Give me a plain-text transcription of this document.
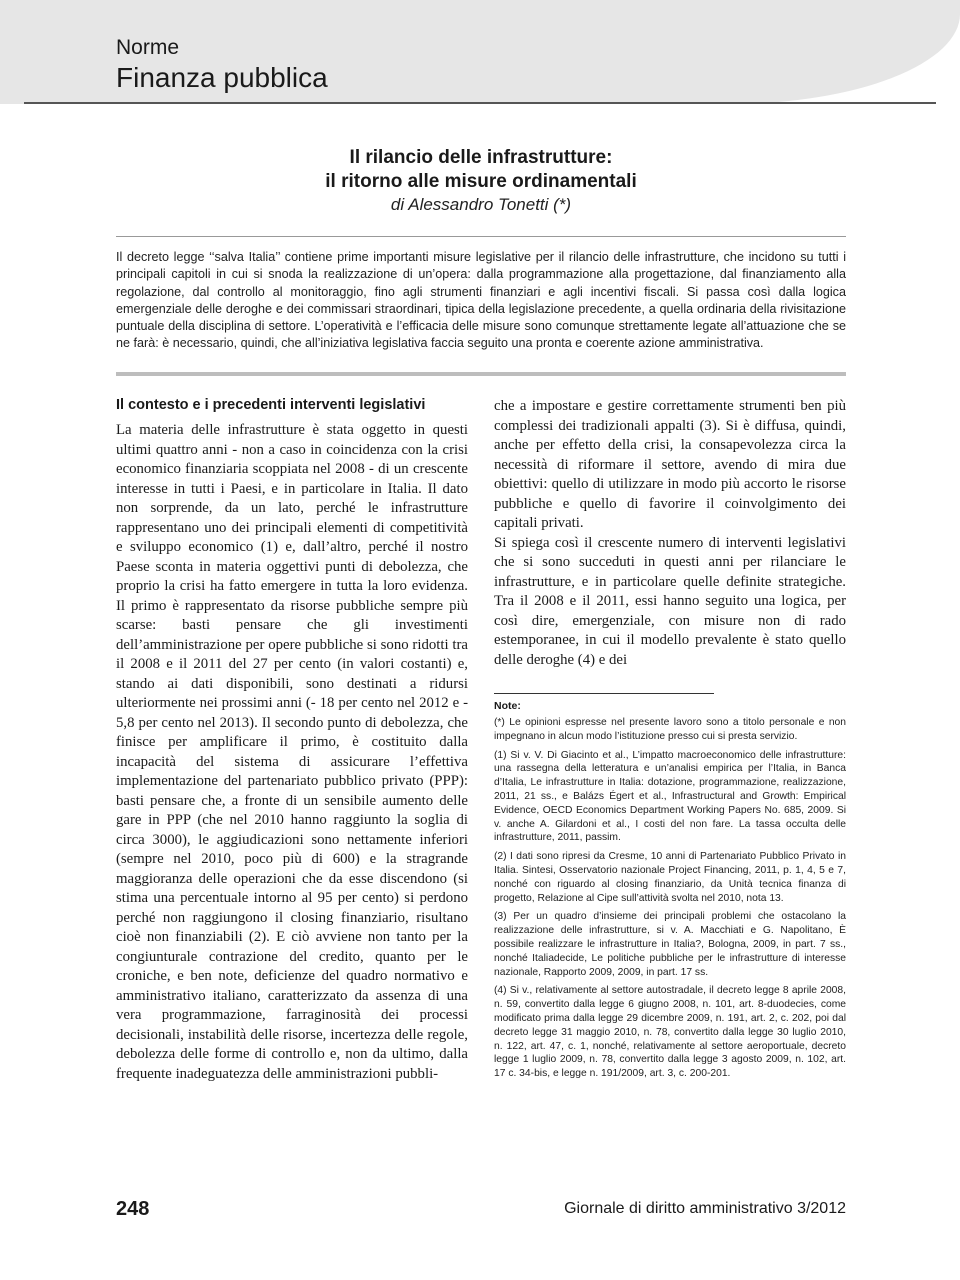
Norme
Finanza pubblica
Il rilancio delle infrastrutture:
il ritorno alle misure ordinamentali
di Alessandro Tonetti (*)

Il decreto legge ‘‘salva Italia’’ contiene prime importanti misure legislative per il rilancio delle infrastrutture, che incidono su tutti i principali capitoli in cui si snoda la realizzazione di un’opera: dalla programmazione alla progettazione, dal finanziamento alla regolazione, dal controllo al monitoraggio, fino agli strumenti finanziari e agli incentivi fiscali. Si passa così dalla logica emergenziale delle deroghe e dei commissari straordinari, tipica della legislazione precedente, a quella ordinaria della rivisitazione puntuale della disciplina di settore. L’operatività e l’efficacia delle misure sono comunque strettamente legate all’attuazione che se ne farà: è necessario, quindi, che all’iniziativa legislativa faccia seguito una pronta e coerente azione amministrativa.

Il contesto e i precedenti interventi legislativi

La materia delle infrastrutture è stata oggetto in questi ultimi quattro anni - non a caso in coincidenza con la crisi economico finanziaria scoppiata nel 2008 - di un crescente interesse in tutti i Paesi, e in particolare in Italia. Il dato non sorprende, da un lato, perché le infrastrutture rappresentano uno dei principali elementi di competitività e sviluppo economico (1) e, dall’altro, perché il nostro Paese sconta in materia oggettivi punti di debolezza, che proprio la crisi ha fatto emergere in tutta la loro evidenza. Il primo è rappresentato da risorse pubbliche sempre più scarse: basti pensare che gli investimenti dell’amministrazione per opere pubbliche si sono ridotti tra il 2008 e il 2011 del 27 per cento (in valori costanti) e, stando ai dati disponibili, sono destinati a ridursi ulteriormente nei prossimi anni (- 18 per cento nel 2012 e - 5,8 per cento nel 2013). Il secondo punto di debolezza, che finisce per amplificare il primo, è costituito dalla incapacità del sistema di assicurare l’effettiva implementazione del partenariato pubblico privato (PPP): basti pensare che, a fronte di un sensibile aumento delle gare in PPP (che nel 2010 hanno raggiunto la soglia di circa 3000), le aggiudicazioni sono nettamente inferiori (sempre nel 2010, poco più di 600) e la stragrande maggioranza delle operazioni che da esse discendono (si stima una percentuale intorno al 95 per cento) si perdono perché non raggiungono il closing finanziario, risultano cioè non finanziabili (2). E ciò avviene non tanto per la congiunturale contrazione del credito, quanto per le croniche, e ben note, deficienze del quadro normativo e amministrativo italiano, caratterizzato da assenza di una vera programmazione, farraginosità dei processi decisionali, instabilità delle risorse, incertezza delle regole, debolezza delle forme di controllo e, non da ultimo, dalla frequente inadeguatezza delle amministrazioni pubbli-

che a impostare e gestire correttamente strumenti ben più complessi dei tradizionali appalti (3). Si è diffusa, quindi, anche per effetto della crisi, la consapevolezza circa la necessità di riformare il settore, avendo di mira due obiettivi: quello di utilizzare in modo più accorto le risorse pubbliche e quello di favorire il coinvolgimento dei capitali privati.

Si spiega così il crescente numero di interventi legislativi che si sono succeduti in questi anni per rilanciare le infrastrutture, e in particolare quelle definite strategiche. Tra il 2008 e il 2011, essi hanno seguito una logica, per così dire, emergenziale, con misure non di rado estemporanee, in cui il modello prevalente è stato quello delle deroghe (4) e dei

Note:

(*) Le opinioni espresse nel presente lavoro sono a titolo personale e non impegnano in alcun modo l’istituzione presso cui si presta servizio.

(1) Si v. V. Di Giacinto et al., L’impatto macroeconomico delle infrastrutture: una rassegna della letteratura e un’analisi empirica per l’Italia, in Banca d’Italia, Le infrastrutture in Italia: dotazione, programmazione, realizzazione, 2011, 21 ss., e Balázs Égert et al., Infrastructural and Growth: Empirical Evidence, OECD Economics Department Working Papers No. 685, 2009. Si v. anche A. Gilardoni et al., I costi del non fare. La tassa occulta delle infrastrutture, 2011, passim.

(2) I dati sono ripresi da Cresme, 10 anni di Partenariato Pubblico Privato in Italia. Sintesi, Osservatorio nazionale Project Financing, 2011, p. 1, 4, 5 e 7, nonché con riguardo al closing finanziario, da Unità tecnica finanza di progetto, Relazione al Cipe sull’attività svolta nel 2010, nota 13.

(3) Per un quadro d’insieme dei principali problemi che ostacolano la realizzazione delle infrastrutture, si v. A. Macchiati e G. Napolitano, È possibile realizzare le infrastrutture in Italia?, Bologna, 2009, in part. 7 ss., nonché Italiadecide, Le politiche pubbliche per le infrastrutture di interesse nazionale, Rapporto 2009, 2009, in part. 17 ss.

(4) Si v., relativamente al settore autostradale, il decreto legge 8 aprile 2008, n. 59, convertito dalla legge 6 giugno 2008, n. 101, art. 8-duodecies, come modificato prima dalla legge 29 dicembre 2009, n. 191, art. 2, c. 202, poi dal decreto legge 31 maggio 2010, n. 78, convertito dalla legge 30 luglio 2010, n. 122, art. 47, c. 1, nonché, relativamente al settore aeroportuale, decreto legge 1 luglio 2009, n. 78, convertito dalla legge 3 agosto 2009, n. 102, art. 17 c. 34-bis, e legge n. 191/2009, art. 3, c. 200-201.

248	Giornale di diritto amministrativo 3/2012
